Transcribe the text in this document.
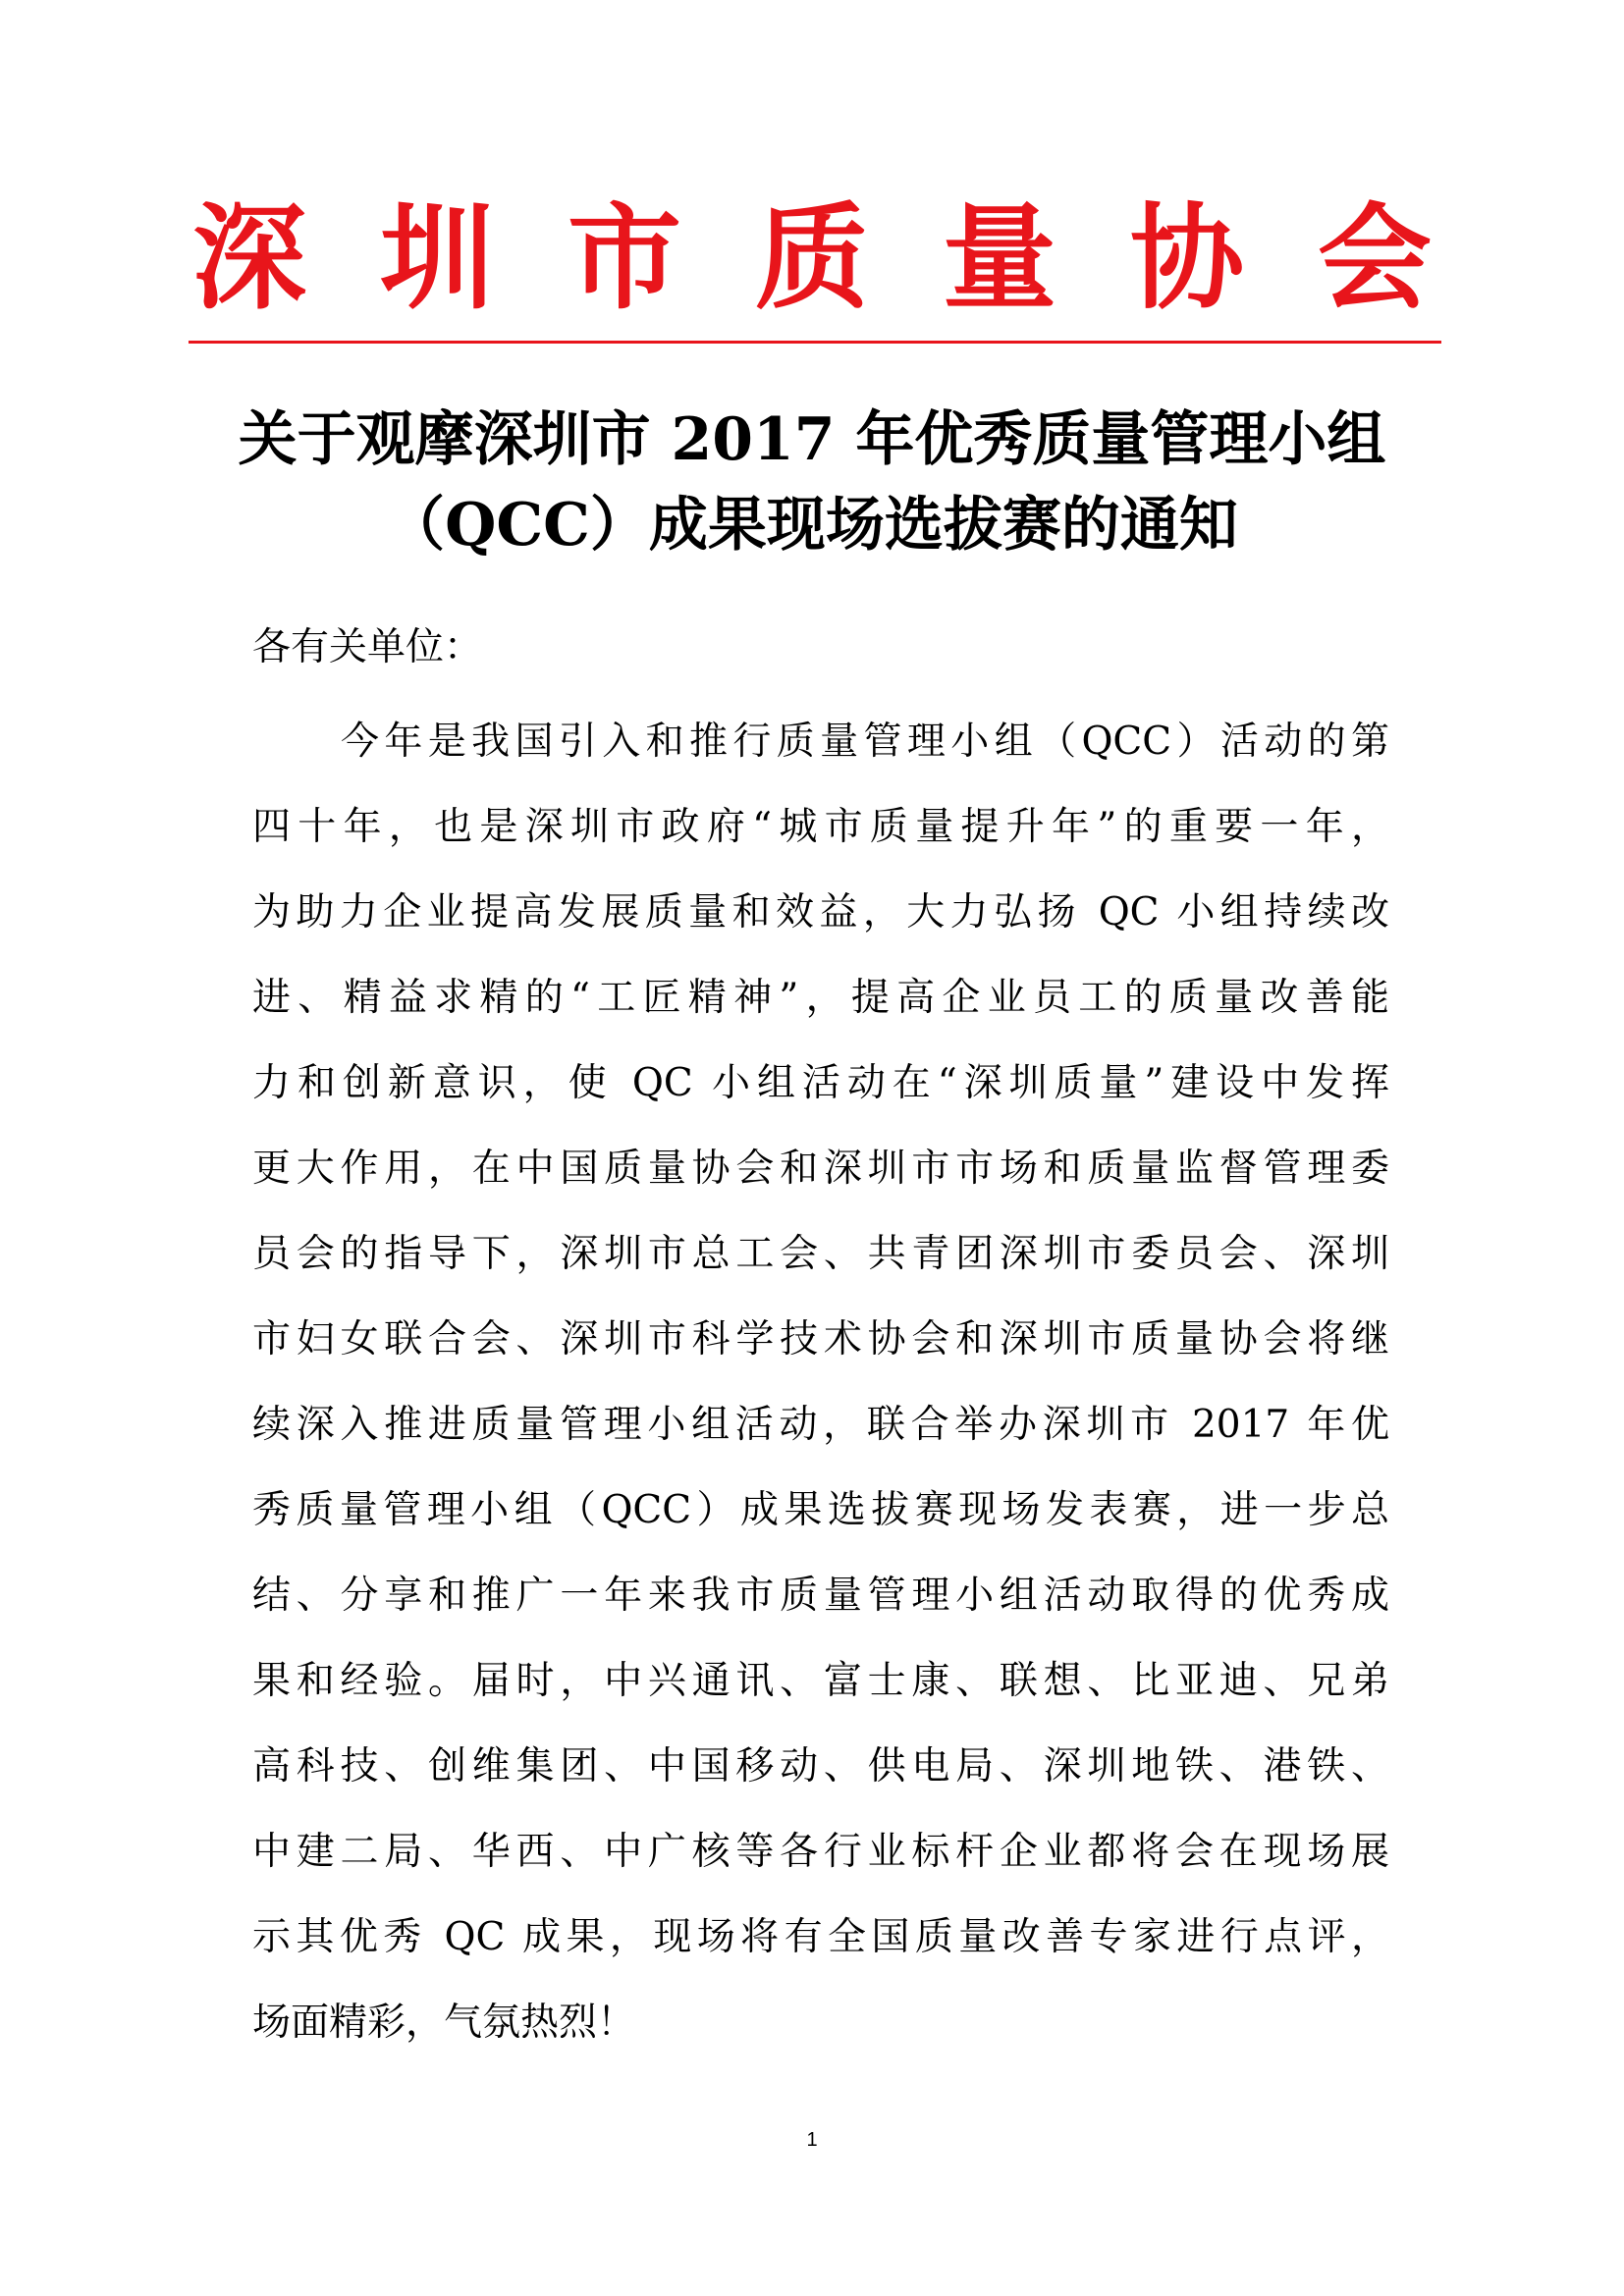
深 圳 市 质 量 协 会
关于观摩深圳市 2017 年优秀质量管理小组
（QCC）成果现场选拔赛的通知
各有关单位：
今年是我国引入和推行质量管理小组（QCC）活动的第
四十年，也是深圳市政府“城市质量提升年”的重要一年，
为助力企业提高发展质量和效益，大力弘扬 QC 小组持续改
进、精益求精的“工匠精神”，提高企业员工的质量改善能
力和创新意识，使 QC 小组活动在“深圳质量”建设中发挥
更大作用，在中国质量协会和深圳市市场和质量监督管理委
员会的指导下，深圳市总工会、共青团深圳市委员会、深圳
市妇女联合会、深圳市科学技术协会和深圳市质量协会将继
续深入推进质量管理小组活动，联合举办深圳市 2017 年优
秀质量管理小组（QCC）成果选拔赛现场发表赛，进一步总
结、分享和推广一年来我市质量管理小组活动取得的优秀成
果和经验。届时，中兴通讯、富士康、联想、比亚迪、兄弟
高科技、创维集团、中国移动、供电局、深圳地铁、港铁、
中建二局、华西、中广核等各行业标杆企业都将会在现场展
示其优秀 QC 成果，现场将有全国质量改善专家进行点评，
场面精彩，气氛热烈！
1
